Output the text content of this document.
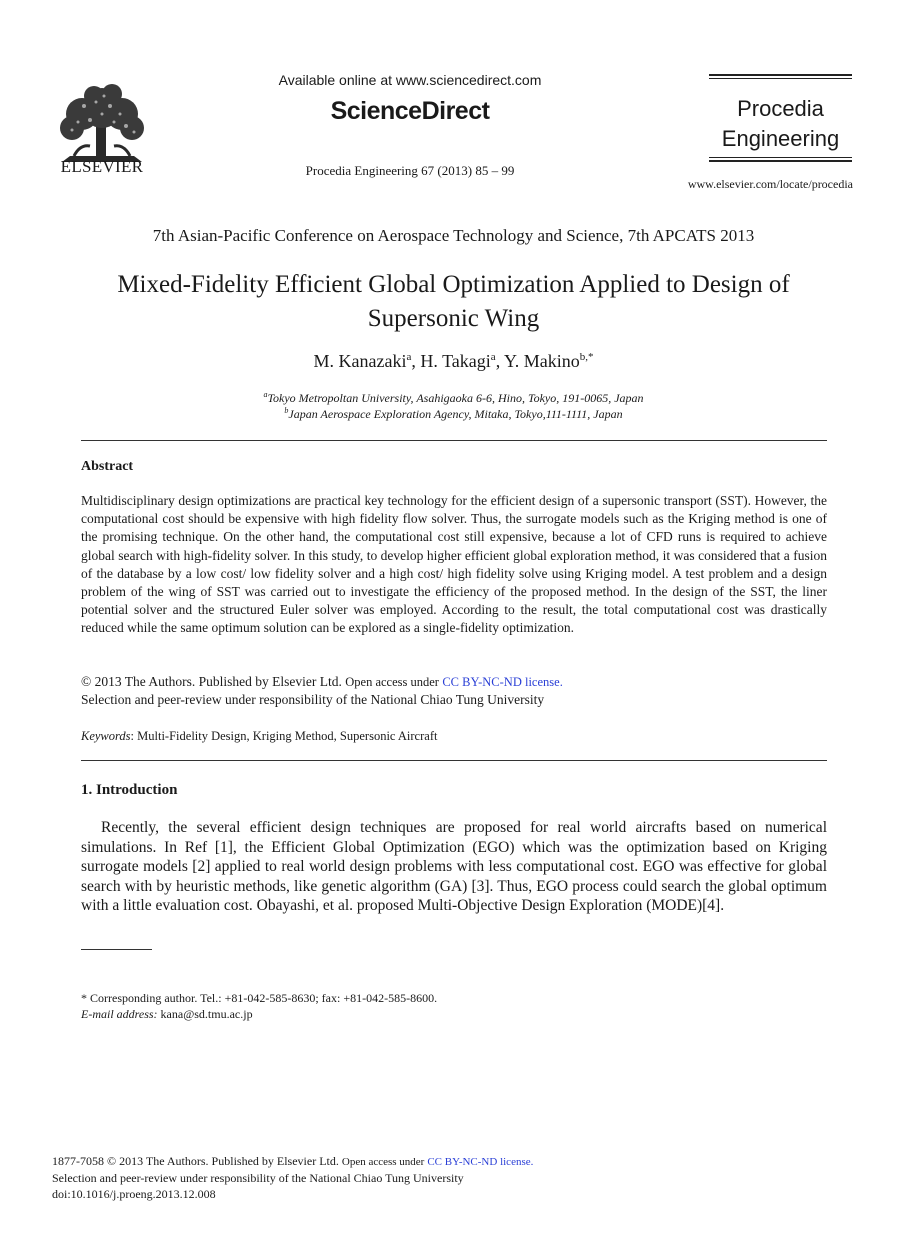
ELSEVIER
Available online at www.sciencedirect.com
ScienceDirect
Procedia Engineering 67 (2013) 85 – 99
Procedia
Engineering
www.elsevier.com/locate/procedia
7th Asian-Pacific Conference on Aerospace Technology and Science, 7th APCATS 2013
Mixed-Fidelity Efficient Global Optimization Applied to Design of
Supersonic Wing
M. Kanazaki$^a$, H. Takagi$^a$, Y. Makino$^{b,*}$
$^a$Tokyo Metropoltan University, Asahigaoka 6-6, Hino, Tokyo, 191-0065, Japan
$^b$Japan Aerospace Exploration Agency, Mitaka, Tokyo,111-1111, Japan
Abstract
Multidisciplinary design optimizations are practical key technology for the efficient design of a supersonic transport (SST). However, the computational cost should be expensive with high fidelity flow solver. Thus, the surrogate models such as the Kriging method is one of the promising technique. On the other hand, the computational cost still expensive, because a lot of CFD runs is required to achieve global search with high-fidelity solver. In this study, to develop higher efficient global exploration method, it was considered that a fusion of the database by a low cost/ low fidelity solver and a high cost/ high fidelity solve using Kriging model. A test problem and a design problem of the wing of SST was carried out to investigate the efficiency of the proposed method. In the design of the SST, the liner potential solver and the structured Euler solver was employed. According to the result, the total computational cost was drastically reduced while the same optimum solution can be explored as a single-fidelity optimization.
© 2013 The Authors. Published by Elsevier Ltd. Open access under CC BY-NC-ND license.
Selection and peer-review under responsibility of the National Chiao Tung University
Keywords: Multi-Fidelity Design, Kriging Method, Supersonic Aircraft
1. Introduction
Recently, the several efficient design techniques are proposed for real world aircrafts based on numerical simulations. In Ref [1], the Efficient Global Optimization (EGO) which was the optimization based on Kriging surrogate models [2] applied to real world design problems with less computational cost. EGO was effective for global search with by heuristic methods, like genetic algorithm (GA) [3]. Thus, EGO process could search the global optimum with a little evaluation cost. Obayashi, et al. proposed Multi-Objective Design Exploration (MODE)[4].
* Corresponding author. Tel.: +81-042-585-8630; fax: +81-042-585-8600.
E-mail address: kana@sd.tmu.ac.jp
1877-7058 © 2013 The Authors. Published by Elsevier Ltd. Open access under CC BY-NC-ND license.
Selection and peer-review under responsibility of the National Chiao Tung University
doi:10.1016/j.proeng.2013.12.008
